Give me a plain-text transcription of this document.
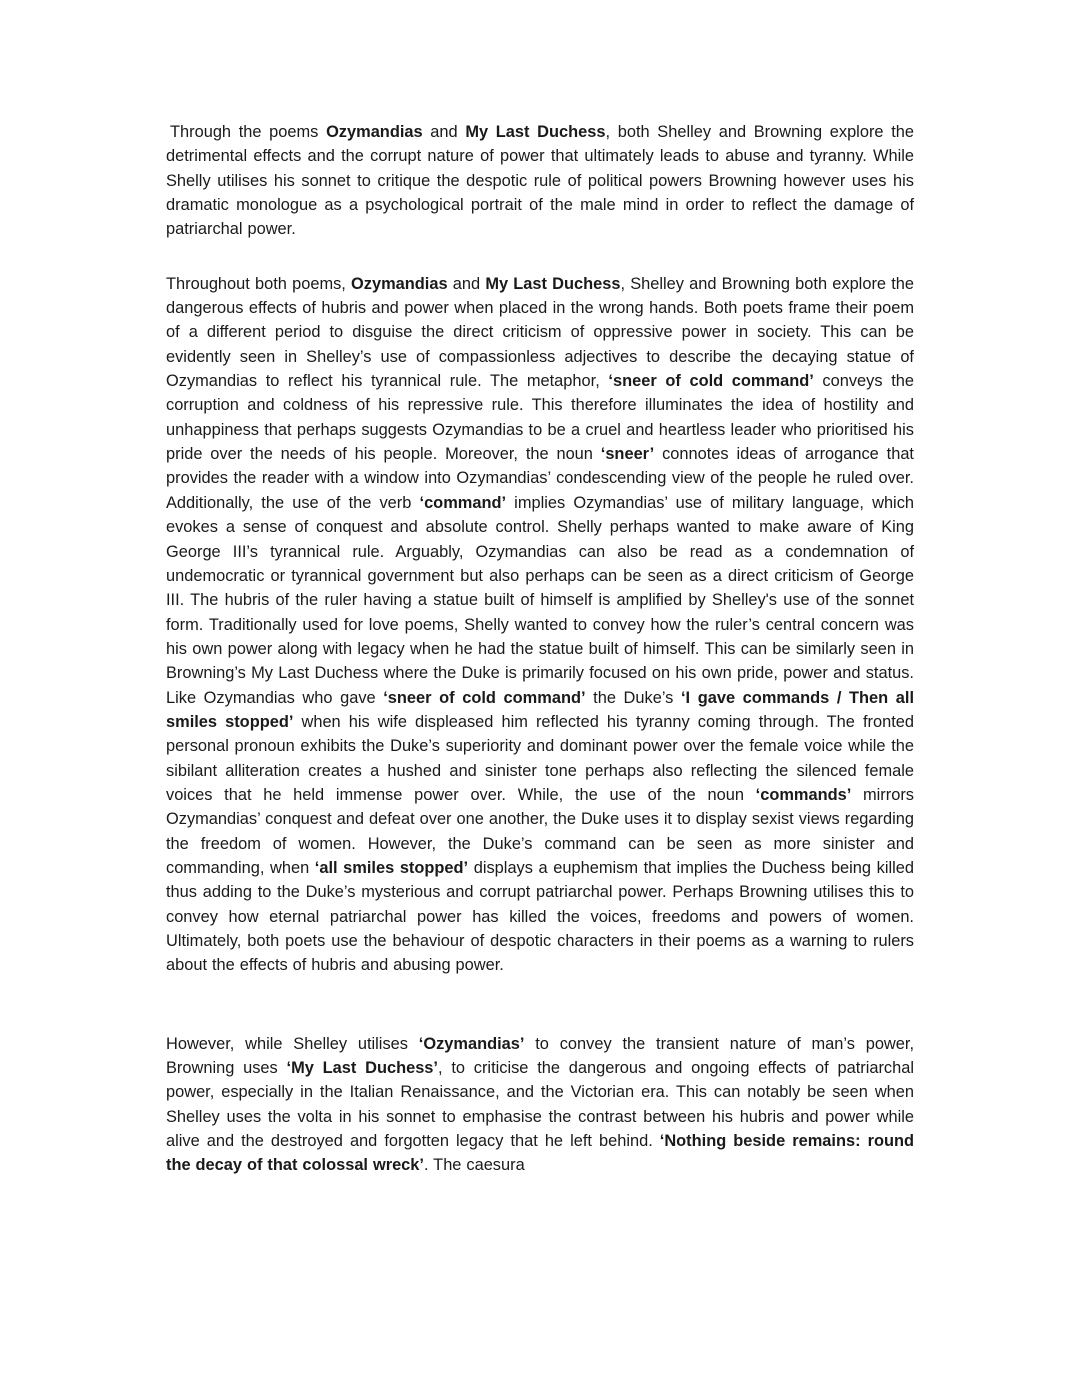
Through the poems Ozymandias and My Last Duchess, both Shelley and Browning explore the detrimental effects and the corrupt nature of power that ultimately leads to abuse and tyranny. While Shelly utilises his sonnet to critique the despotic rule of political powers Browning however uses his dramatic monologue as a psychological portrait of the male mind in order to reflect the damage of patriarchal power.

Throughout both poems, Ozymandias and My Last Duchess, Shelley and Browning both explore the dangerous effects of hubris and power when placed in the wrong hands. Both poets frame their poem of a different period to disguise the direct criticism of oppressive power in society. This can be evidently seen in Shelley’s use of compassionless adjectives to describe the decaying statue of Ozymandias to reflect his tyrannical rule. The metaphor, ‘sneer of cold command’ conveys the corruption and coldness of his repressive rule. This therefore illuminates the idea of hostility and unhappiness that perhaps suggests Ozymandias to be a cruel and heartless leader who prioritised his pride over the needs of his people. Moreover, the noun ‘sneer’ connotes ideas of arrogance that provides the reader with a window into Ozymandias’ condescending view of the people he ruled over. Additionally, the use of the verb ‘command’ implies Ozymandias’ use of military language, which evokes a sense of conquest and absolute control. Shelly perhaps wanted to make aware of King George III’s tyrannical rule. Arguably, Ozymandias can also be read as a condemnation of undemocratic or tyrannical government but also perhaps can be seen as a direct criticism of George III. The hubris of the ruler having a statue built of himself is amplified by Shelley's use of the sonnet form. Traditionally used for love poems, Shelly wanted to convey how the ruler’s central concern was his own power along with legacy when he had the statue built of himself. This can be similarly seen in Browning’s My Last Duchess where the Duke is primarily focused on his own pride, power and status. Like Ozymandias who gave ‘sneer of cold command’ the Duke’s ‘I gave commands / Then all smiles stopped’ when his wife displeased him reflected his tyranny coming through. The fronted personal pronoun exhibits the Duke’s superiority and dominant power over the female voice while the sibilant alliteration creates a hushed and sinister tone perhaps also reflecting the silenced female voices that he held immense power over. While, the use of the noun ‘commands’ mirrors Ozymandias’ conquest and defeat over one another, the Duke uses it to display sexist views regarding the freedom of women. However, the Duke’s command can be seen as more sinister and commanding, when ‘all smiles stopped’ displays a euphemism that implies the Duchess being killed thus adding to the Duke’s mysterious and corrupt patriarchal power. Perhaps Browning utilises this to convey how eternal patriarchal power has killed the voices, freedoms and powers of women. Ultimately, both poets use the behaviour of despotic characters in their poems as a warning to rulers about the effects of hubris and abusing power.

However, while Shelley utilises ‘Ozymandias’ to convey the transient nature of man’s power, Browning uses ‘My Last Duchess’, to criticise the dangerous and ongoing effects of patriarchal power, especially in the Italian Renaissance, and the Victorian era. This can notably be seen when Shelley uses the volta in his sonnet to emphasise the contrast between his hubris and power while alive and the destroyed and forgotten legacy that he left behind. ‘Nothing beside remains: round the decay of that colossal wreck’. The caesura
